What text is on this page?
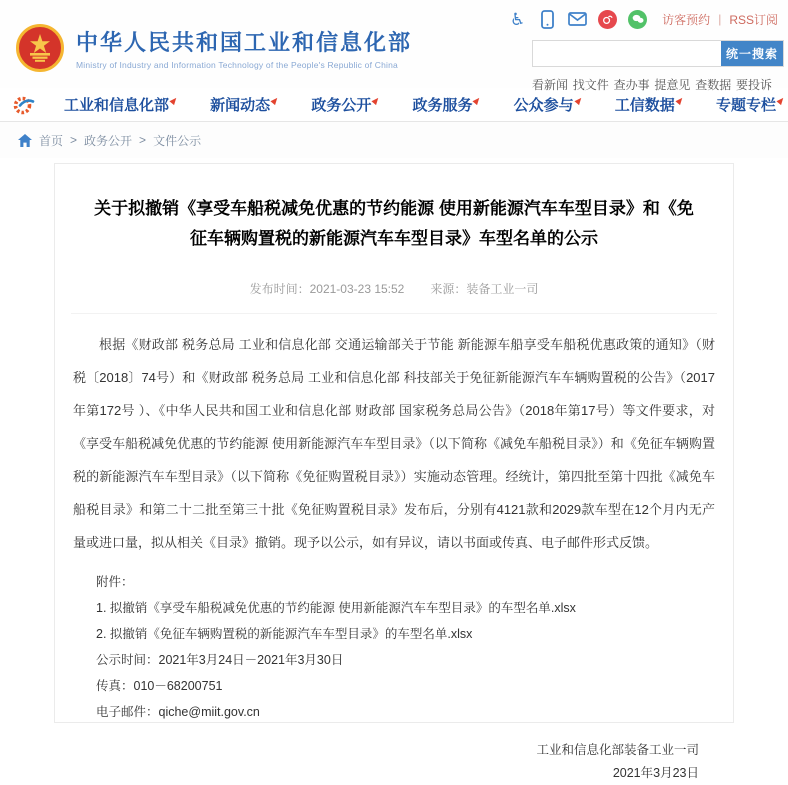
中华人民共和国工业和信息化部
Ministry of Industry and Information Technology of the People's Republic of China
♿	访客预约 | RSS订阅
统一搜索
看新闻 找文件 查办事 提意见 查数据 要投诉
工业和信息化部	新闻动态	政务公开	政务服务	公众参与	工信数据	专题专栏
首页 > 政务公开 > 文件公示
关于拟撤销《享受车船税减免优惠的节约能源 使用新能源汽车车型目录》和《免征车辆购置税的新能源汽车车型目录》车型名单的公示
发布时间：2021-03-23 15:52 来源：装备工业一司

根据《财政部 税务总局 工业和信息化部 交通运输部关于节能 新能源车船享受车船税优惠政策的通知》（财税〔2018〕74号）和《财政部 税务总局 工业和信息化部 科技部关于免征新能源汽车车辆购置税的公告》（2017年第172号 ）、《中华人民共和国工业和信息化部 财政部 国家税务总局公告》（2018年第17号）等文件要求，对《享受车船税减免优惠的节约能源 使用新能源汽车车型目录》（以下简称《减免车船税目录》）和《免征车辆购置税的新能源汽车车型目录》（以下简称《免征购置税目录》）实施动态管理。经统计，第四批至第十四批《减免车船税目录》和第二十二批至第三十批《免征购置税目录》发布后，分别有4121款和2029款车型在12个月内无产量或进口量，拟从相关《目录》撤销。现予以公示，如有异议，请以书面或传真、电子邮件形式反馈。

附件：
1. 拟撤销《享受车船税减免优惠的节约能源 使用新能源汽车车型目录》的车型名单.xlsx
2. 拟撤销《免征车辆购置税的新能源汽车车型目录》的车型名单.xlsx
公示时间：2021年3月24日－2021年3月30日
传真：010－68200751
电子邮件：qiche@miit.gov.cn
工业和信息化部装备工业一司
2021年3月23日
